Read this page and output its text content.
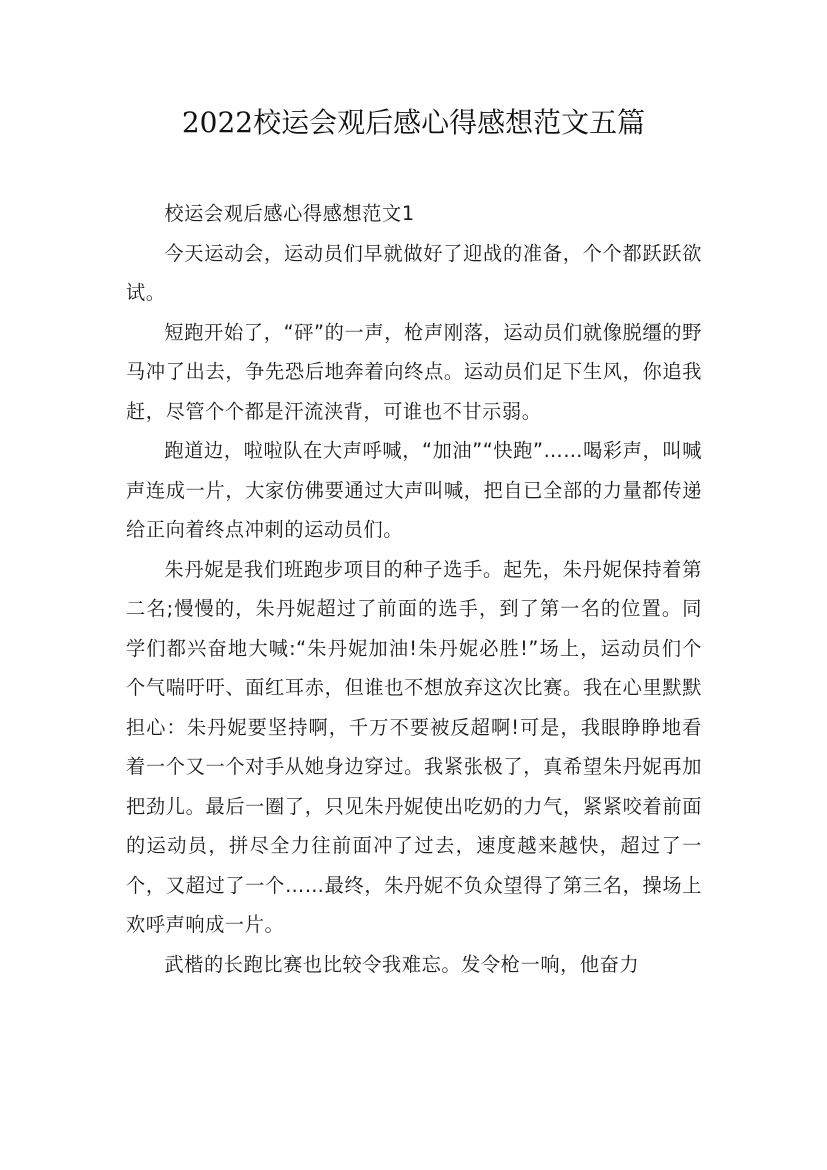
2022校运会观后感心得感想范文五篇

校运会观后感心得感想范文1

今天运动会，运动员们早就做好了迎战的准备，个个都跃跃欲试。

短跑开始了，“砰”的一声，枪声刚落，运动员们就像脱缰的野马冲了出去，争先恐后地奔着向终点。运动员们足下生风，你追我赶，尽管个个都是汗流浃背，可谁也不甘示弱。

跑道边，啦啦队在大声呼喊，“加油”“快跑”……喝彩声，叫喊声连成一片，大家仿佛要通过大声叫喊，把自已全部的力量都传递给正向着终点冲刺的运动员们。

朱丹妮是我们班跑步项目的种子选手。起先，朱丹妮保持着第二名;慢慢的，朱丹妮超过了前面的选手，到了第一名的位置。同学们都兴奋地大喊:“朱丹妮加油!朱丹妮必胜!”场上，运动员们个个气喘吁吁、面红耳赤，但谁也不想放弃这次比赛。我在心里默默担心：朱丹妮要坚持啊，千万不要被反超啊!可是，我眼睁睁地看着一个又一个对手从她身边穿过。我紧张极了，真希望朱丹妮再加把劲儿。最后一圈了，只见朱丹妮使出吃奶的力气，紧紧咬着前面的运动员，拼尽全力往前面冲了过去，速度越来越快，超过了一个，又超过了一个……最终，朱丹妮不负众望得了第三名，操场上欢呼声响成一片。

武楷的长跑比赛也比较令我难忘。发令枪一响，他奋力
